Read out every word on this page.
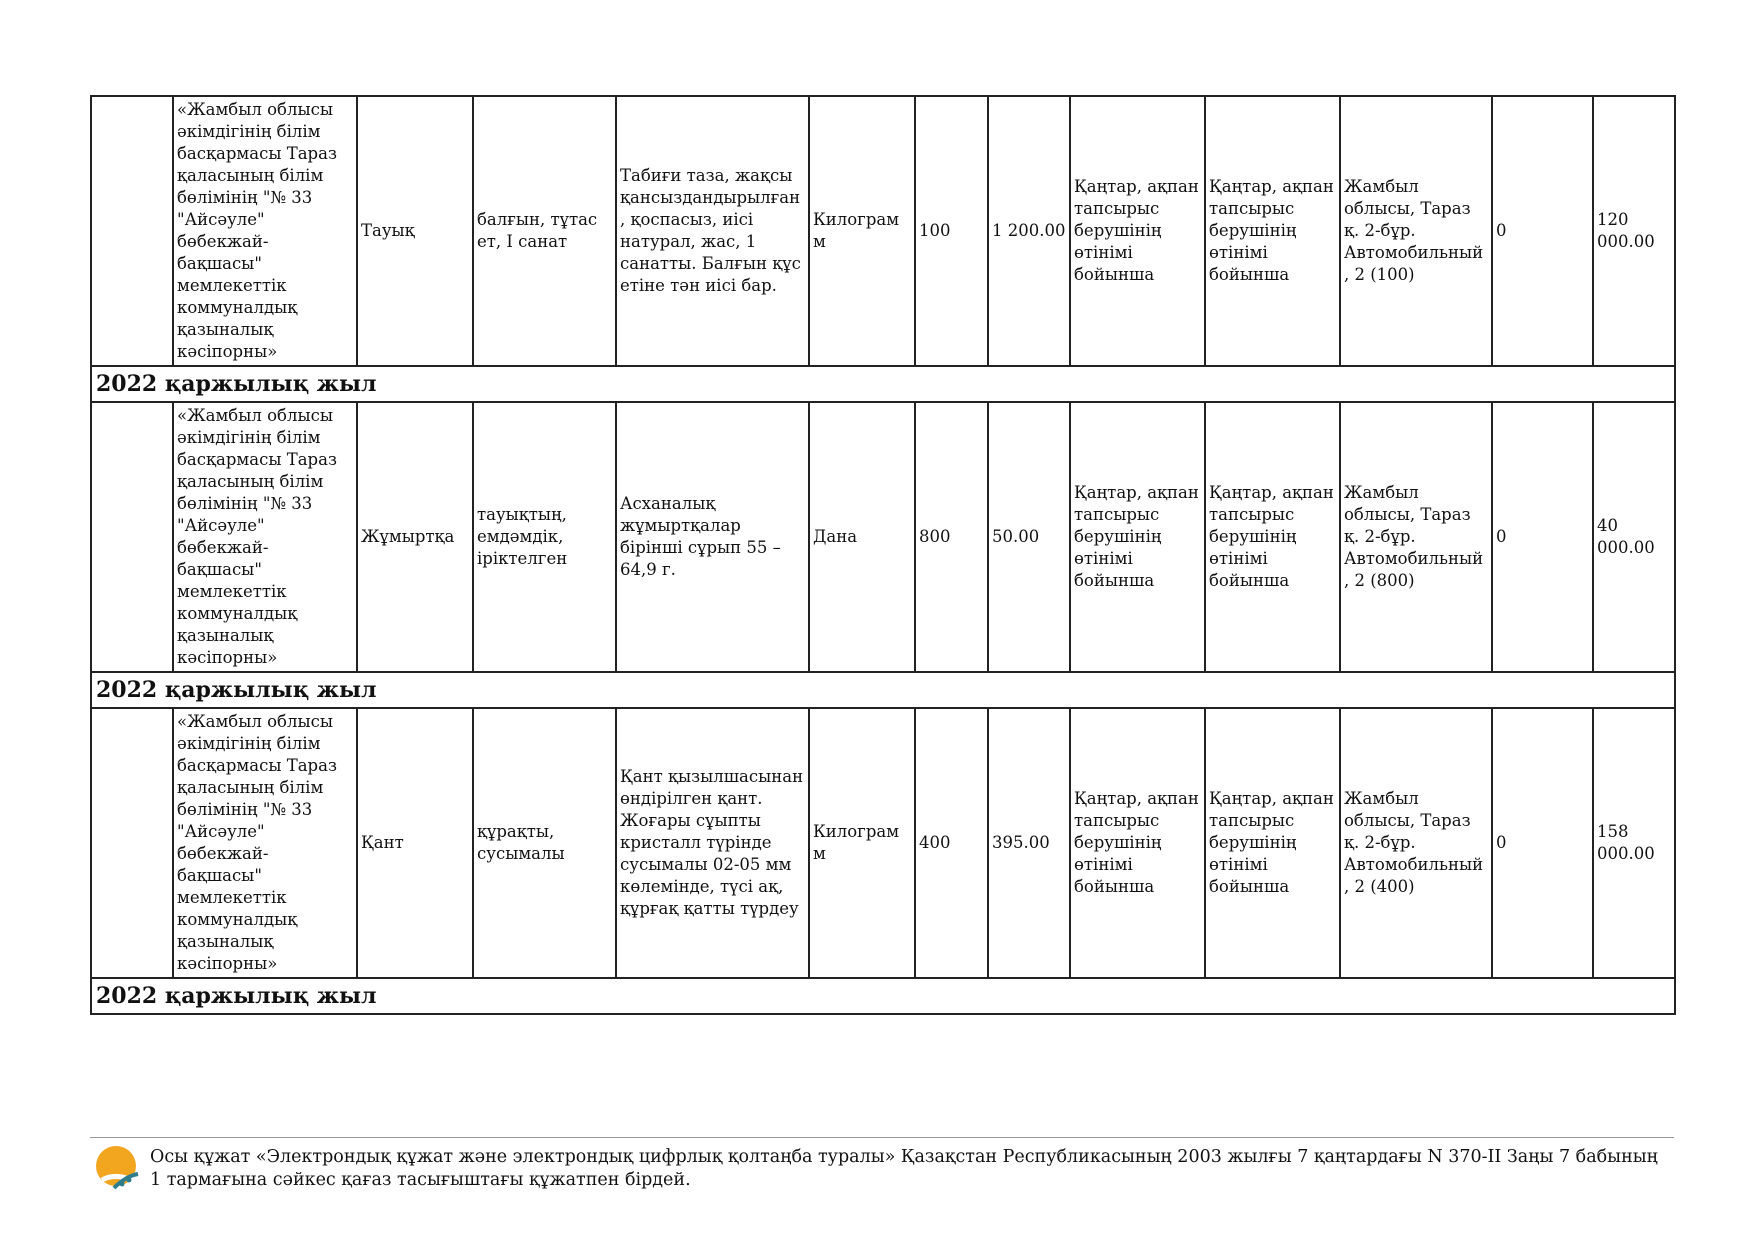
	«Жамбыл облысы әкімдігінің білім басқармасы Тараз қаласының білім бөлімінің "№ 33 "Айсәуле" бөбекжай-бақшасы" мемлекеттік коммуналдық қазыналық кәсіпорны»	Тауық	балғын, тұтас ет, І санат	Табиғи таза, жақсы қансыздандырылған, қоспасыз, иісі натурал, жас, 1 санатты. Балғын құс етіне тән иісі бар.	Килограмм	100	1 200.00	Қаңтар, ақпан тапсырыс берушінің өтінімі бойынша	Қаңтар, ақпан тапсырыс берушінің өтінімі бойынша	Жамбыл облысы, Тараз қ. 2-бұр. Автомобильный, 2 (100)	0	120 000.00
2022 қаржылық жыл												
	«Жамбыл облысы әкімдігінің білім басқармасы Тараз қаласының білім бөлімінің "№ 33 "Айсәуле" бөбекжай-бақшасы" мемлекеттік коммуналдық қазыналық кәсіпорны»	Жұмыртқа	тауықтың, емдәмдік, іріктелген	Асханалық жұмыртқалар бірінші сұрып 55 – 64,9 г.	Дана	800	50.00	Қаңтар, ақпан тапсырыс берушінің өтінімі бойынша	Қаңтар, ақпан тапсырыс берушінің өтінімі бойынша	Жамбыл облысы, Тараз қ. 2-бұр. Автомобильный, 2 (800)	0	40 000.00
2022 қаржылық жыл												
	«Жамбыл облысы әкімдігінің білім басқармасы Тараз қаласының білім бөлімінің "№ 33 "Айсәуле" бөбекжай-бақшасы" мемлекеттік коммуналдық қазыналық кәсіпорны»	Қант	құрақты, сусымалы	Қант қызылшасынан өндірілген қант. Жоғары сұыпты кристалл түрінде сусымалы 02-05 мм көлемінде, түсі ақ, құрғақ қатты түрдеу	Килограмм	400	395.00	Қаңтар, ақпан тапсырыс берушінің өтінімі бойынша	Қаңтар, ақпан тапсырыс берушінің өтінімі бойынша	Жамбыл облысы, Тараз қ. 2-бұр. Автомобильный, 2 (400)	0	158 000.00
2022 қаржылық жыл												
Осы құжат «Электрондық құжат және электрондық цифрлық қолтаңба туралы» Қазақстан Республикасының 2003 жылғы 7 қаңтардағы N 370-II Заңы 7 бабының 1 тармағына сәйкес қағаз тасығыштағы құжатпен бірдей.
